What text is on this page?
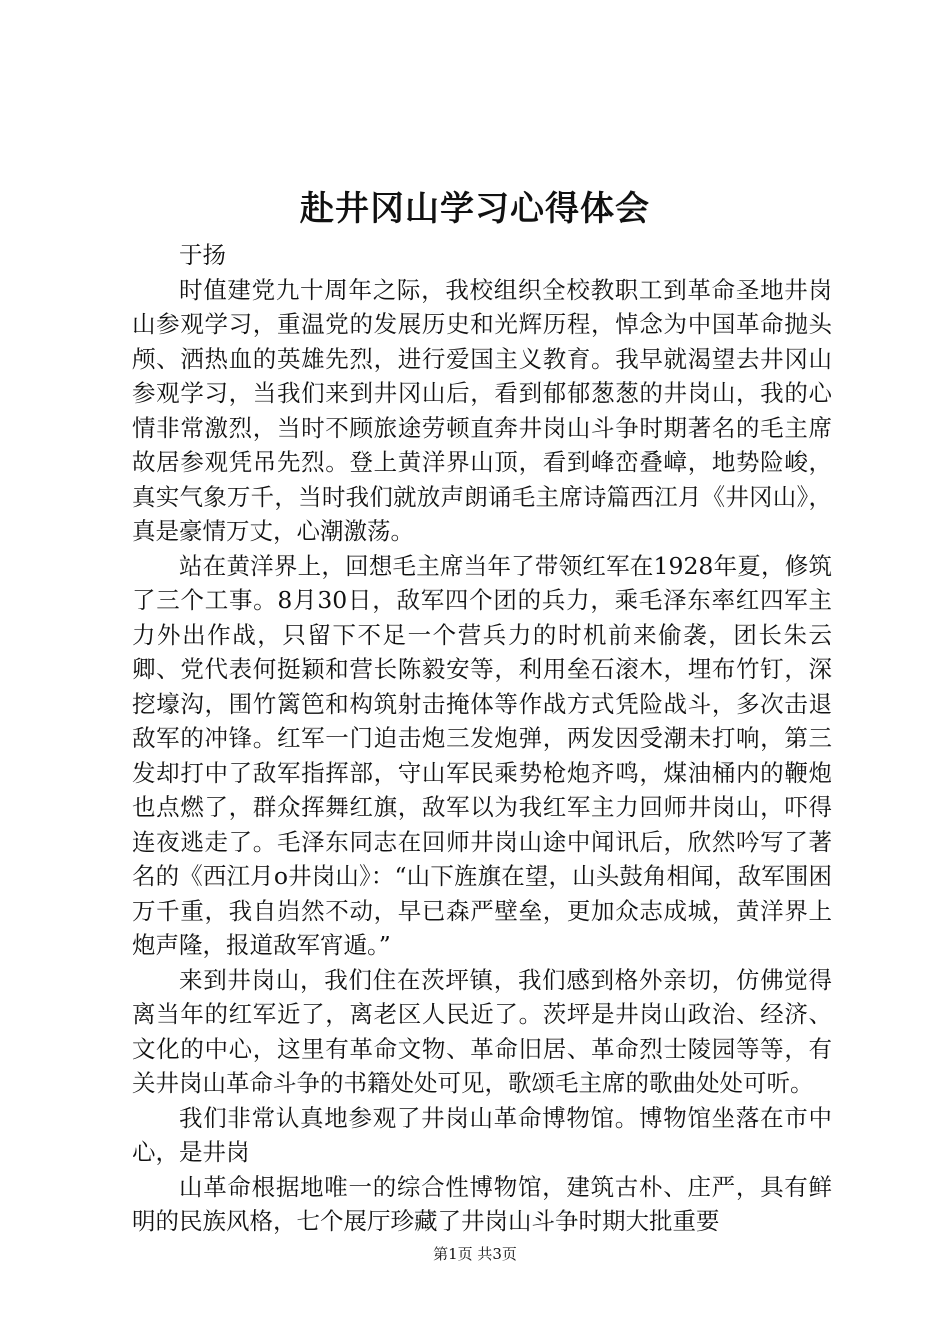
赴井冈山学习心得体会

于扬

时值建党九十周年之际，我校组织全校教职工到革命圣地井岗山参观学习，重温党的发展历史和光辉历程，悼念为中国革命抛头颅、洒热血的英雄先烈，进行爱国主义教育。我早就渴望去井冈山参观学习，当我们来到井冈山后，看到郁郁葱葱的井岗山，我的心情非常激烈，当时不顾旅途劳顿直奔井岗山斗争时期著名的毛主席故居参观凭吊先烈。登上黄洋界山顶，看到峰峦叠嶂，地势险峻，真实气象万千，当时我们就放声朗诵毛主席诗篇西江月《井冈山》，真是豪情万丈，心潮激荡。

站在黄洋界上，回想毛主席当年了带领红军在1928年夏，修筑了三个工事。8月30日，敌军四个团的兵力，乘毛泽东率红四军主力外出作战，只留下不足一个营兵力的时机前来偷袭，团长朱云卿、党代表何挺颖和营长陈毅安等，利用垒石滚木，埋布竹钉，深挖壕沟，围竹篱笆和构筑射击掩体等作战方式凭险战斗，多次击退敌军的冲锋。红军一门迫击炮三发炮弹，两发因受潮未打响，第三发却打中了敌军指挥部，守山军民乘势枪炮齐鸣，煤油桶内的鞭炮也点燃了，群众挥舞红旗，敌军以为我红军主力回师井岗山，吓得连夜逃走了。毛泽东同志在回师井岗山途中闻讯后，欣然吟写了著名的《西江月o井岗山》：“山下旌旗在望，山头鼓角相闻，敌军围困万千重，我自岿然不动，早已森严壁垒，更加众志成城，黄洋界上炮声隆，报道敌军宵遁。”

来到井岗山，我们住在茨坪镇，我们感到格外亲切，仿佛觉得离当年的红军近了，离老区人民近了。茨坪是井岗山政治、经济、文化的中心，这里有革命文物、革命旧居、革命烈士陵园等等，有关井岗山革命斗争的书籍处处可见，歌颂毛主席的歌曲处处可听。

我们非常认真地参观了井岗山革命博物馆。博物馆坐落在市中心，是井岗

山革命根据地唯一的综合性博物馆，建筑古朴、庄严，具有鲜明的民族风格，七个展厅珍藏了井岗山斗争时期大批重要

第1页 共3页
